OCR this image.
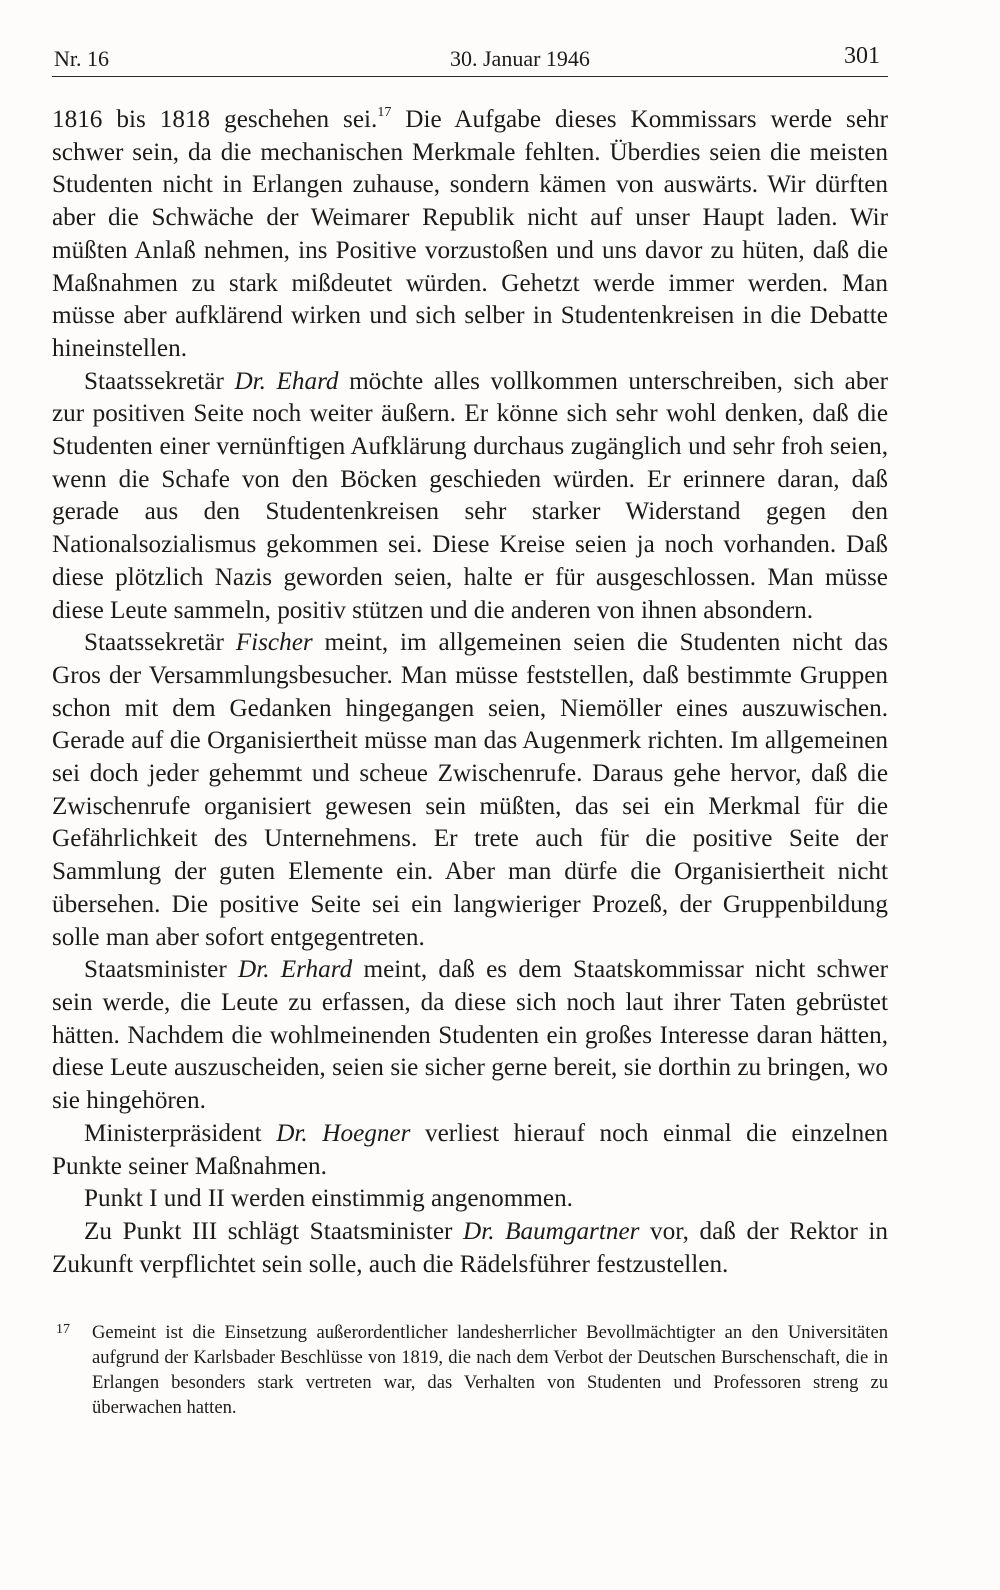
Nr. 16	30. Januar 1946	301

1816 bis 1818 geschehen sei.$^{17}$ Die Aufgabe dieses Kommissars werde sehr schwer sein, da die mechanischen Merkmale fehlten. Überdies seien die meisten Studenten nicht in Erlangen zuhause, sondern kämen von auswärts. Wir dürften aber die Schwäche der Weimarer Republik nicht auf unser Haupt laden. Wir müßten Anlaß nehmen, ins Positive vorzustoßen und uns davor zu hüten, daß die Maßnahmen zu stark mißdeutet würden. Gehetzt werde immer werden. Man müsse aber aufklärend wirken und sich selber in Studentenkreisen in die Debatte hineinstellen.

Staatssekretär Dr. Ehard möchte alles vollkommen unterschreiben, sich aber zur positiven Seite noch weiter äußern. Er könne sich sehr wohl denken, daß die Studenten einer vernünftigen Aufklärung durchaus zugänglich und sehr froh seien, wenn die Schafe von den Böcken geschieden würden. Er erinnere daran, daß gerade aus den Studentenkreisen sehr starker Widerstand gegen den Nationalsozialismus gekommen sei. Diese Kreise seien ja noch vorhanden. Daß diese plötzlich Nazis geworden seien, halte er für ausgeschlossen. Man müsse diese Leute sammeln, positiv stützen und die anderen von ihnen absondern.

Staatssekretär Fischer meint, im allgemeinen seien die Studenten nicht das Gros der Versammlungsbesucher. Man müsse feststellen, daß bestimmte Gruppen schon mit dem Gedanken hingegangen seien, Niemöller eines auszuwischen. Gerade auf die Organisiertheit müsse man das Augenmerk richten. Im allgemeinen sei doch jeder gehemmt und scheue Zwischenrufe. Daraus gehe hervor, daß die Zwischenrufe organisiert gewesen sein müßten, das sei ein Merkmal für die Gefährlichkeit des Unternehmens. Er trete auch für die positive Seite der Sammlung der guten Elemente ein. Aber man dürfe die Organisiertheit nicht übersehen. Die positive Seite sei ein langwieriger Prozeß, der Gruppenbildung solle man aber sofort entgegentreten.

Staatsminister Dr. Erhard meint, daß es dem Staatskommissar nicht schwer sein werde, die Leute zu erfassen, da diese sich noch laut ihrer Taten gebrüstet hätten. Nachdem die wohlmeinenden Studenten ein großes Interesse daran hätten, diese Leute auszuscheiden, seien sie sicher gerne bereit, sie dorthin zu bringen, wo sie hingehören.

Ministerpräsident Dr. Hoegner verliest hierauf noch einmal die einzelnen Punkte seiner Maßnahmen.

Punkt I und II werden einstimmig angenommen.

Zu Punkt III schlägt Staatsminister Dr. Baumgartner vor, daß der Rektor in Zukunft verpflichtet sein solle, auch die Rädelsführer festzustellen.

17 Gemeint ist die Einsetzung außerordentlicher landesherrlicher Bevollmächtigter an den Universitäten aufgrund der Karlsbader Beschlüsse von 1819, die nach dem Verbot der Deutschen Burschenschaft, die in Erlangen besonders stark vertreten war, das Verhalten von Studenten und Professoren streng zu überwachen hatten.
